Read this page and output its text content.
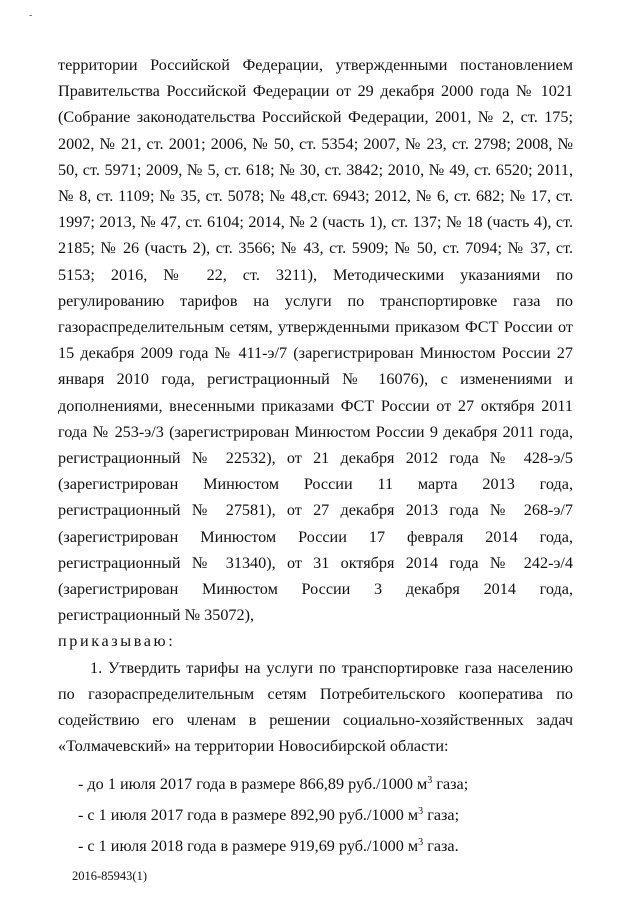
-

территории Российской Федерации, утвержденными постановлением Правительства Российской Федерации от 29 декабря 2000 года № 1021 (Собрание законодательства Российской Федерации, 2001, № 2, ст. 175; 2002, № 21, ст. 2001; 2006, № 50, ст. 5354; 2007, № 23, ст. 2798; 2008, № 50, ст. 5971; 2009, № 5, ст. 618; № 30, ст. 3842; 2010, № 49, ст. 6520; 2011, № 8, ст. 1109; № 35, ст. 5078; № 48,ст. 6943; 2012, № 6, ст. 682; № 17, ст. 1997; 2013, № 47, ст. 6104; 2014, № 2 (часть 1), ст. 137; № 18 (часть 4), ст. 2185; № 26 (часть 2), ст. 3566; № 43, ст. 5909; № 50, ст. 7094; № 37, ст. 5153; 2016, № 22, ст. 3211), Методическими указаниями по регулированию тарифов на услуги по транспортировке газа по газораспределительным сетям, утвержденными приказом ФСТ России от 15 декабря 2009 года № 411-э/7 (зарегистрирован Минюстом России 27 января 2010 года, регистрационный № 16076), с изменениями и дополнениями, внесенными приказами ФСТ России от 27 октября 2011 года № 253-э/3 (зарегистрирован Минюстом России 9 декабря 2011 года, регистрационный № 22532), от 21 декабря 2012 года № 428-э/5 (зарегистрирован Минюстом России 11 марта 2013 года, регистрационный № 27581), от 27 декабря 2013 года № 268-э/7 (зарегистрирован Минюстом России 17 февраля 2014 года, регистрационный № 31340), от 31 октября 2014 года № 242-э/4 (зарегистрирован Минюстом России 3 декабря 2014 года, регистрационный № 35072),

приказываю:

1. Утвердить тарифы на услуги по транспортировке газа населению по газораспределительным сетям Потребительского кооператива по содействию его членам в решении социально-хозяйственных задач «Толмачевский» на территории Новосибирской области:

- до 1 июля 2017 года в размере 866,89 руб./1000 $м^3$ газа;

- с 1 июля 2017 года в размере 892,90 руб./1000 $м^3$ газа;

- с 1 июля 2018 года в размере 919,69 руб./1000 $м^3$ газа.

2016-85943(1)
